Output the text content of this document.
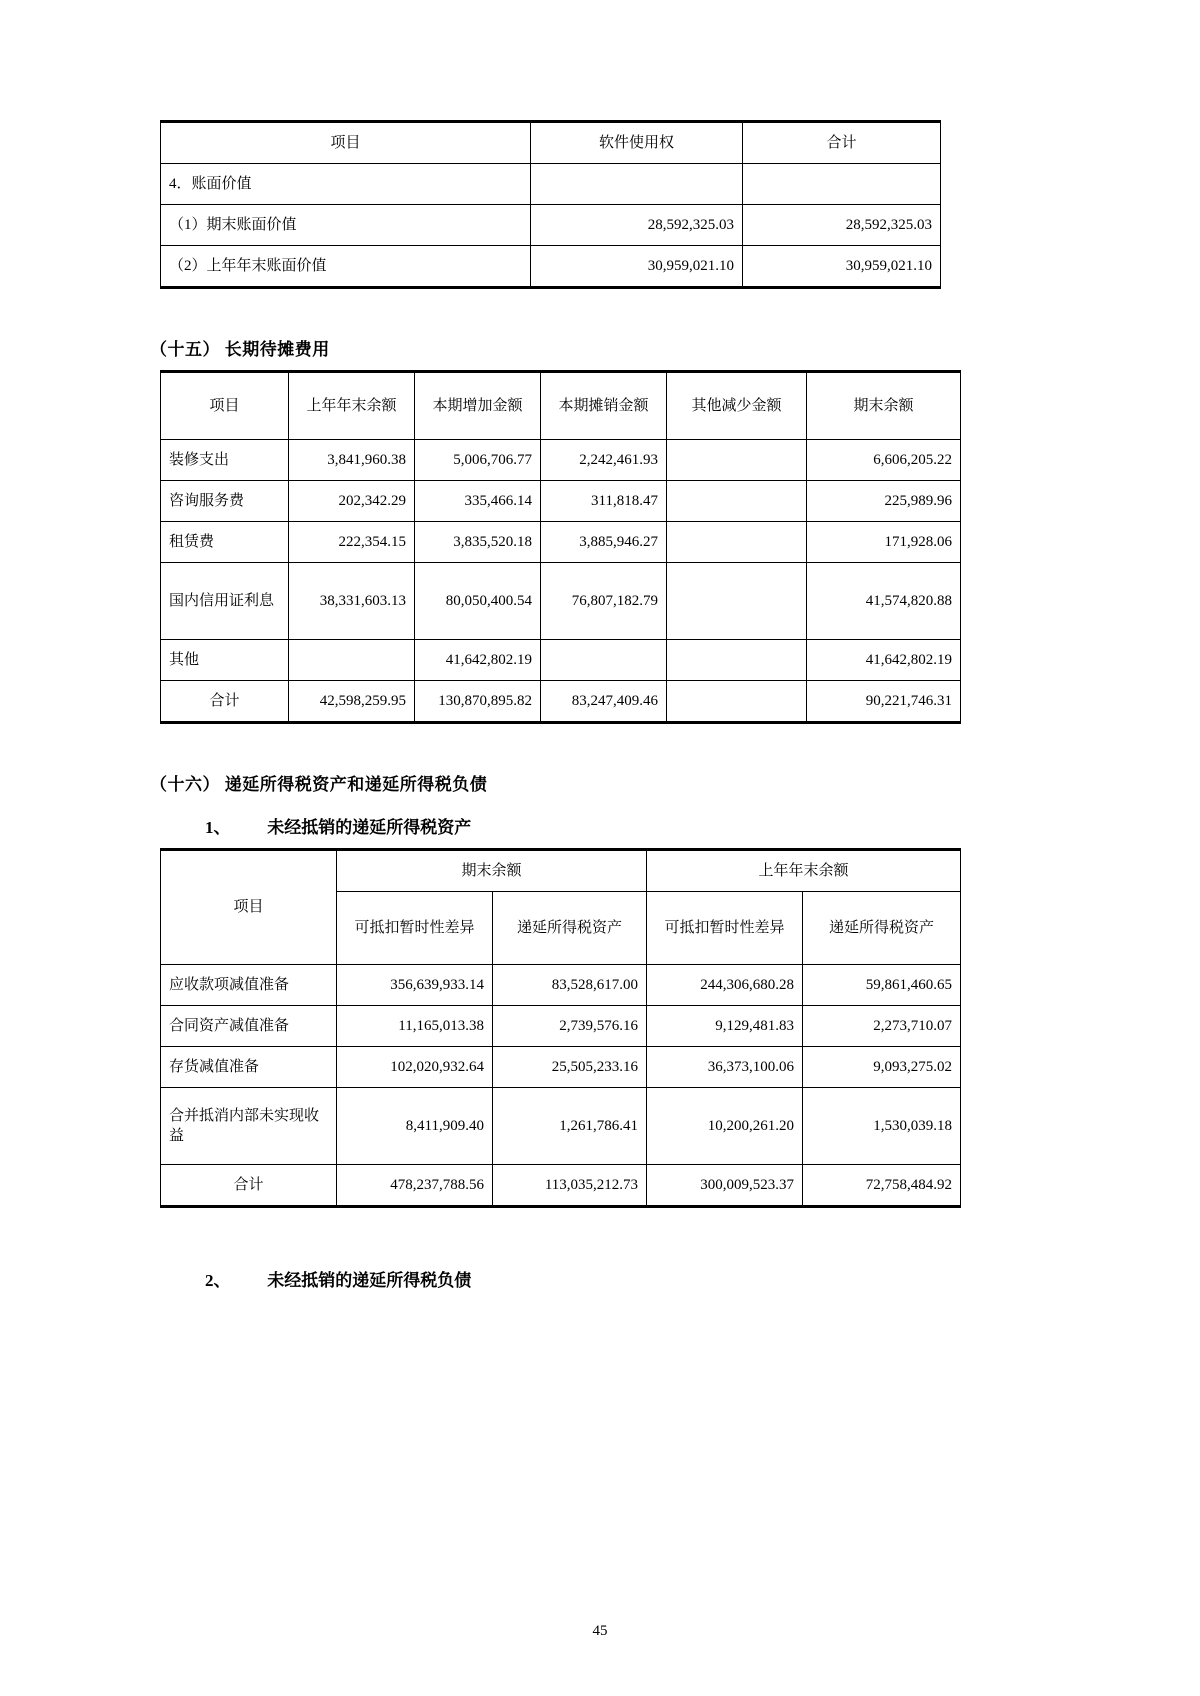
项目	软件使用权	合计
4．账面价值		
（1）期末账面价值	28,592,325.03	28,592,325.03
（2）上年年末账面价值	30,959,021.10	30,959,021.10
（十五） 长期待摊费用
项目	上年年末余额	本期增加金额	本期摊销金额	其他减少金额	期末余额
装修支出	3,841,960.38	5,006,706.77	2,242,461.93		6,606,205.22
咨询服务费	202,342.29	335,466.14	311,818.47		225,989.96
租赁费	222,354.15	3,835,520.18	3,885,946.27		171,928.06
国内信用证利息	38,331,603.13	80,050,400.54	76,807,182.79		41,574,820.88
其他		41,642,802.19			41,642,802.19
合计	42,598,259.95	130,870,895.82	83,247,409.46		90,221,746.31
（十六） 递延所得税资产和递延所得税负债
1、 未经抵销的递延所得税资产
项目	期末余额		上年年末余额	
	可抵扣暂时性差异	递延所得税资产	可抵扣暂时性差异	递延所得税资产
应收款项减值准备	356,639,933.14	83,528,617.00	244,306,680.28	59,861,460.65
合同资产减值准备	11,165,013.38	2,739,576.16	9,129,481.83	2,273,710.07
存货减值准备	102,020,932.64	25,505,233.16	36,373,100.06	9,093,275.02
合并抵消内部未实现收益	8,411,909.40	1,261,786.41	10,200,261.20	1,530,039.18
合计	478,237,788.56	113,035,212.73	300,009,523.37	72,758,484.92
2、 未经抵销的递延所得税负债
45
